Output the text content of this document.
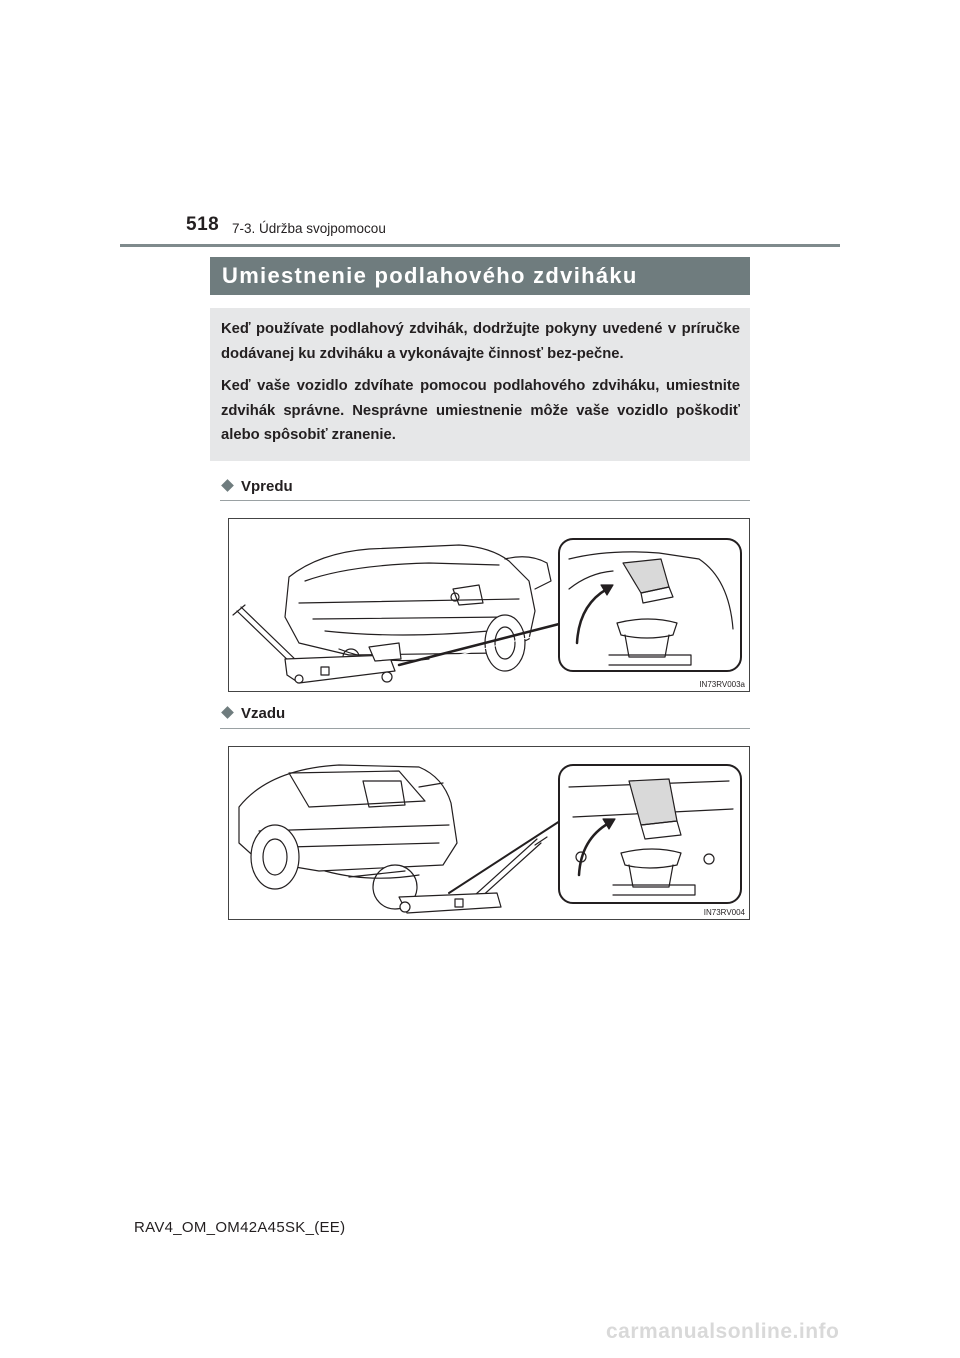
518 7-3. Údržba svojpomocou
Umiestnenie podlahového zdviháku

Keď používate podlahový zdvihák, dodržujte pokyny uvedené v príručke dodávanej ku zdviháku a vykonávajte činnosť bez-pečne.

Keď vaše vozidlo zdvíhate pomocou podlahového zdviháku, umiestnite zdvihák správne. Nesprávne umiestnenie môže vaše vozidlo poškodiť alebo spôsobiť zranenie.

Vpredu
IN73RV003a
Vzadu
IN73RV004
RAV4_OM_OM42A45SK_(EE)
carmanualsonline.info
